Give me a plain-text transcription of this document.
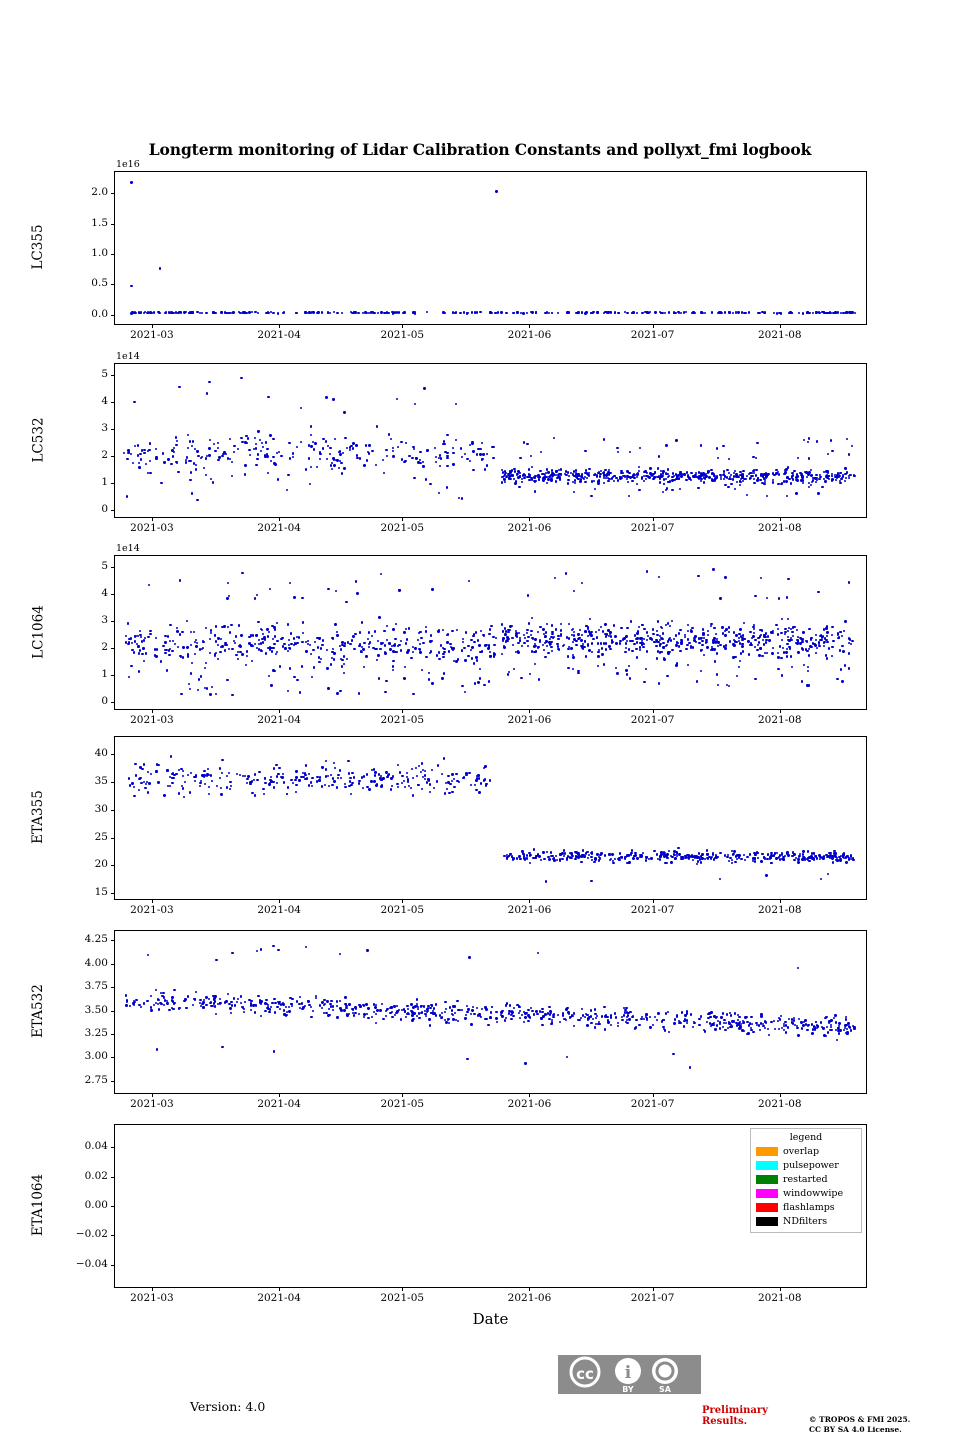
Longterm monitoring of Lidar Calibration Constants and pollyxt_fmi logbook
0.0
0.5
1.0
1.5
2.0
2021-03	2021-04	2021-05	2021-06	2021-07	2021-08
LC355
1e16
0
1
2
3
4
5
2021-03	2021-04	2021-05	2021-06	2021-07	2021-08
LC532
1e14
0
1
2
3
4
5
2021-03	2021-04	2021-05	2021-06	2021-07	2021-08
LC1064
1e14
15
20
25
30
35
40
2021-03	2021-04	2021-05	2021-06	2021-07	2021-08
ETA355
2.75
3.00
3.25
3.50
3.75
4.00
4.25
2021-03	2021-04	2021-05	2021-06	2021-07	2021-08
ETA532
−0.04
−0.02
0.00
0.02
0.04
2021-03	2021-04	2021-05	2021-06	2021-07	2021-08
ETA1064
Date
legend
overlap
pulsepower
restarted
windowwipe
flashlamps
NDfilters
cc i
BY	SA
Version: 4.0	Preliminary
Results.	© TROPOS & FMI 2025.
CC BY SA 4.0 License.
